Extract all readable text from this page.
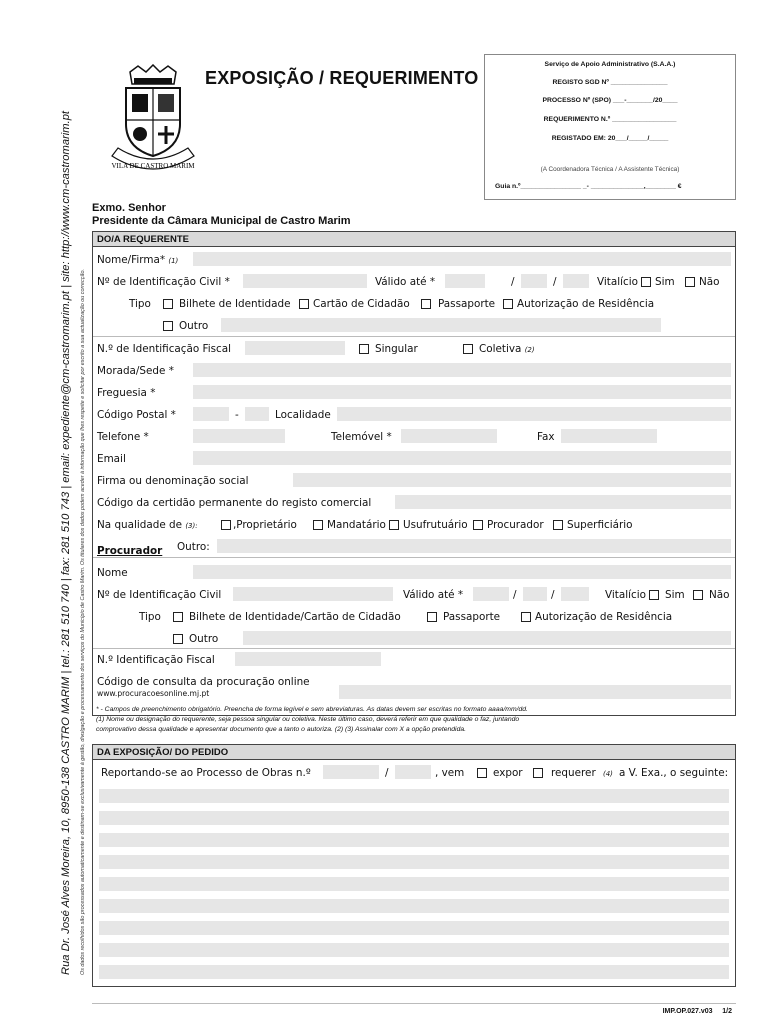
Rua Dr. José Alves Moreira, 10, 8950-138 CASTRO MARIM | tel.: 281 510 740 | fax: 281 510 743 | email: expediente@cm-castromarim.pt | site: http://www.cm-castromarim.pt Os dados recolhidos são processados automaticamente e destinam-se exclusivamente à gestão, divulgação e processamento dos serviços do Município de Castro Marim. Os titulares dos dados podem aceder à informação que lhes respeite e solicitar por escrito a sua actualização ou correcção.
VILA DE CASTRO MARIM
EXPOSIÇÃO / REQUERIMENTO
Serviço de Apoio Administrativo (S.A.A.)
REGISTO SGD Nº _______________
PROCESSO Nº (SPO) ___-_______/20____
REQUERIMENTO N.º _________________
REGISTADO EM: 20___/_____/_____
(A Coordenadora Técnica / A Assistente Técnica)
Guia n.º________________ _- ______________,________ €
Exmo. Senhor
Presidente da Câmara Municipal de Castro Marim
DO/A REQUERENTE
Nome/Firma* (1)
Nº de Identificação Civil *	Válido até *	/	/	Vitalício Sim Não
Tipo	Bilhete de Identidade Cartão de Cidadão	Passaporte Autorização de Residência
Outro
N.º de Identificação Fiscal	Singular	Coletiva (2)
Morada/Sede *
Freguesia *
Código Postal *	-	Localidade
Telefone *	Telemóvel *	Fax
Email
Firma ou denominação social
Código da certidão permanente do registo comercial
Na qualidade de (3):	,Proprietário	Mandatário Usufrutuário Procurador Superficiário
Outro:
Procurador
Nome
Nº de Identificação Civil	Válido até *	/	/	Vitalício Sim Não
Tipo	Bilhete de Identidade/Cartão de Cidadão	Passaporte	Autorização de Residência
Outro
N.º Identificação Fiscal
Código de consulta da procuração online
www.procuracoesonline.mj.pt
* - Campos de preenchimento obrigatório. Preencha de forma legível e sem abreviaturas. As datas devem ser escritas no formato aaaa/mm/dd.
(1) Nome ou designação do requerente, seja pessoa singular ou coletiva. Neste último caso, deverá referir em que qualidade o faz, juntando
comprovativo dessa qualidade e apresentar documento que a tanto o autoriza. (2) (3) Assinalar com X a opção pretendida.
DA EXPOSIÇÃO/ DO PEDIDO
Reportando-se ao Processo de Obras n.º	/	, vem	expor	requerer (4) a V. Exa., o seguinte:
IMP.OP.027.v03 1/2
